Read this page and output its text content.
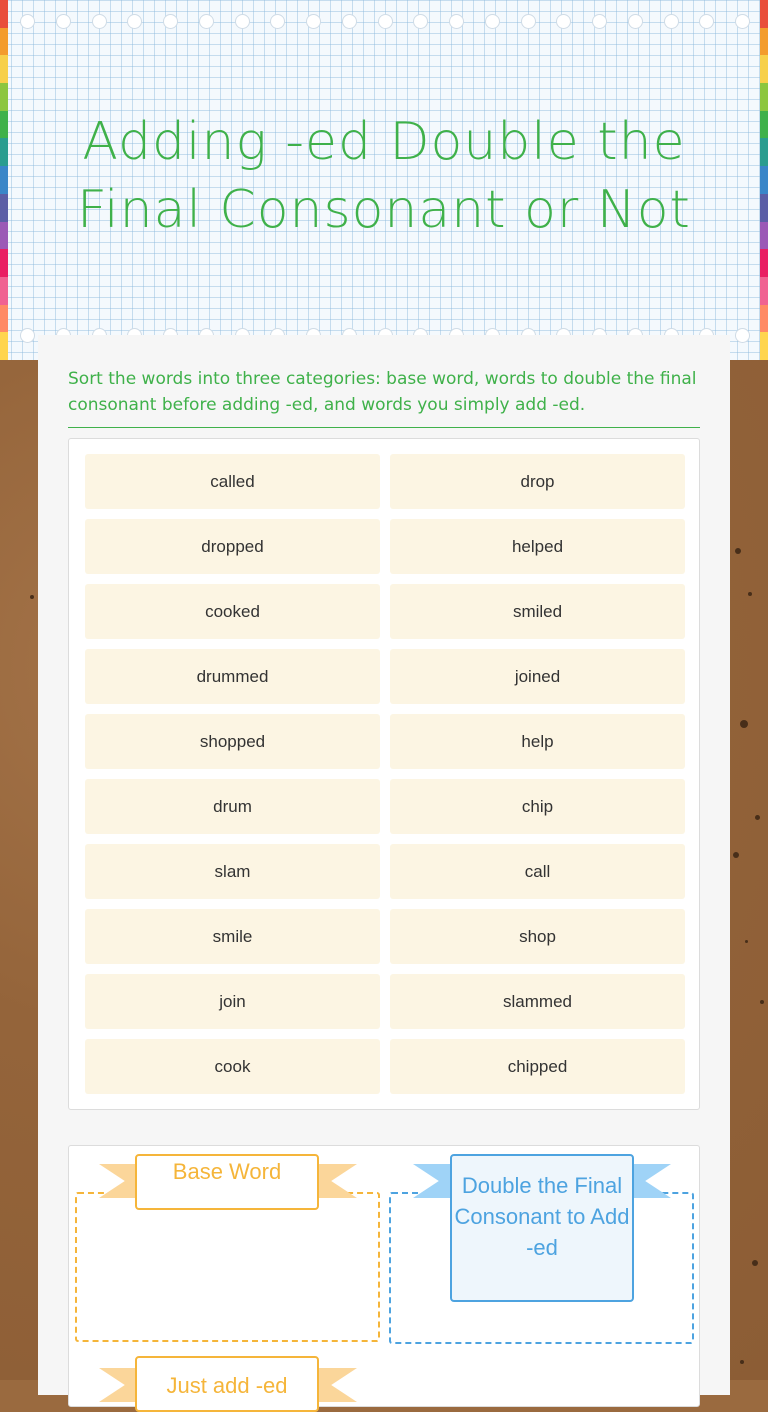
Adding -ed Double the Final Consonant or Not
Sort the words into three categories: base word, words to double the final consonant before adding -ed, and words you simply add -ed.
called	drop
dropped	helped
cooked	smiled
drummed	joined
shopped	help
drum	chip
slam	call
smile	shop
join	slammed
cook	chipped
Base Word
Double the Final Consonant to Add -ed
Just add -ed
